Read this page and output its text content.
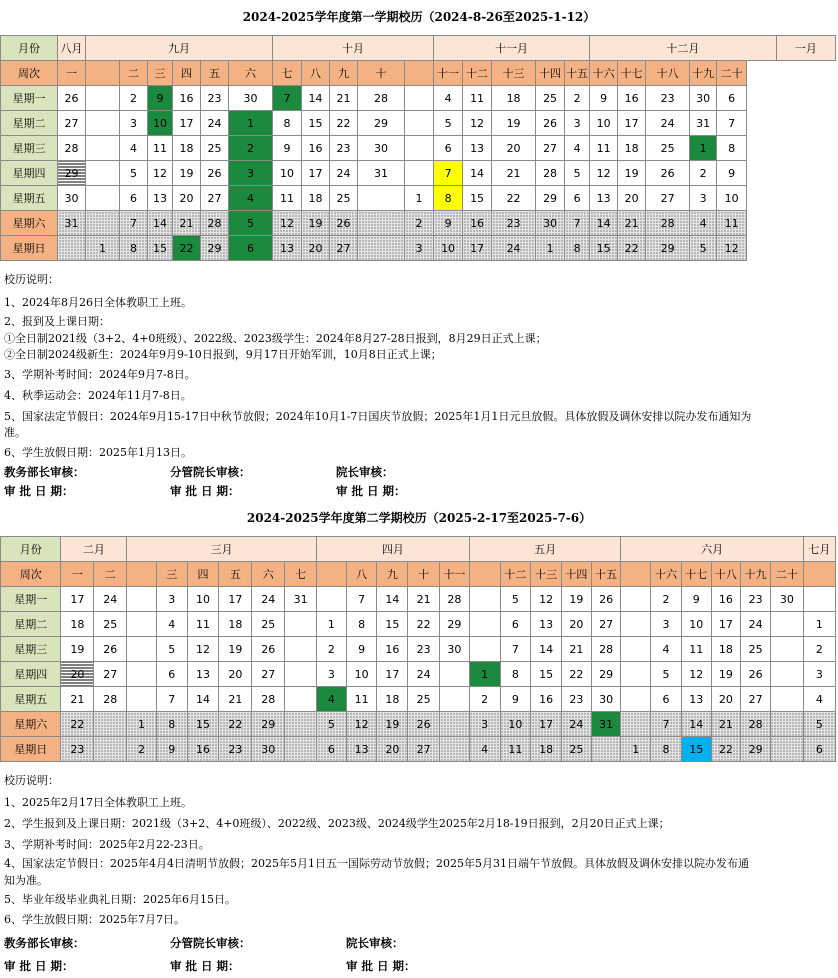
2024-2025学年度第一学期校历（2024-8-26至2025-1-12）
月份	八月	九月						十月					十一月					十二月					一月
周次	一		二	三	四	五	六	七	八	九	十		十一	十二	十三	十四	十五	十六	十七	十八	十九	二十	
星期一	26		2	9	16	23	30	7	14	21	28		4	11	18	25	2	9	16	23	30	6	
星期二	27		3	10	17	24	1	8	15	22	29		5	12	19	26	3	10	17	24	31	7	
星期三	28		4	11	18	25	2	9	16	23	30		6	13	20	27	4	11	18	25	1	8	
星期四	29		5	12	19	26	3	10	17	24	31		7	14	21	28	5	12	19	26	2	9	
星期五	30		6	13	20	27	4	11	18	25		1	8	15	22	29	6	13	20	27	3	10	
星期六	31		7	14	21	28	5	12	19	26		2	9	16	23	30	7	14	21	28	4	11	
星期日		1	8	15	22	29	6	13	20	27		3	10	17	24	1	8	15	22	29	5	12	
校历说明：
1、2024年8月26日全体教职工上班。
2、报到及上课日期：
①全日制2021级（3+2、4+0班级）、2022级、2023级学生：2024年8月27-28日报到，8月29日正式上课；
②全日制2024级新生：2024年9月9-10日报到，9月17日开始军训，10月8日正式上课；
3、学期补考时间：2024年9月7-8日。
4、秋季运动会：2024年11月7-8日。
5、国家法定节假日：2024年9月15-17日中秋节放假；2024年10月1-7日国庆节放假；2025年1月1日元旦放假。具体放假及调休安排以院办发布通知为
准。
6、学生放假日期：2025年1月13日。
教务部长审核：	分管院长审核：	院长审核：
审 批 日 期：	审 批 日 期：	审 批 日 期：
2024-2025学年度第二学期校历（2025-2-17至2025-7-6）
月份	二月		三月						四月					五月					六月						七月
周次	一	二		三	四	五	六	七		八	九	十	十一		十二	十三	十四	十五		十六	十七	十八	十九	二十	
星期一	17	24		3	10	17	24	31		7	14	21	28		5	12	19	26		2	9	16	23	30	
星期二	18	25		4	11	18	25		1	8	15	22	29		6	13	20	27		3	10	17	24		1
星期三	19	26		5	12	19	26		2	9	16	23	30		7	14	21	28		4	11	18	25		2
星期四	20	27		6	13	20	27		3	10	17	24		1	8	15	22	29		5	12	19	26		3
星期五	21	28		7	14	21	28		4	11	18	25		2	9	16	23	30		6	13	20	27		4
星期六	22		1	8	15	22	29		5	12	19	26		3	10	17	24	31		7	14	21	28		5
星期日	23		2	9	16	23	30		6	13	20	27		4	11	18	25		1	8	15	22	29		6
校历说明：
1、2025年2月17日全体教职工上班。
2、学生报到及上课日期：2021级（3+2、4+0班级）、2022级、2023级、2024级学生2025年2月18-19日报到，2月20日正式上课；
3、学期补考时间：2025年2月22-23日。
4、国家法定节假日：2025年4月4日清明节放假；2025年5月1日五一国际劳动节放假；2025年5月31日端午节放假。具体放假及调休安排以院办发布通
知为准。
5、毕业年级毕业典礼日期：2025年6月15日。
6、学生放假日期：2025年7月7日。
教务部长审核：	分管院长审核：	院长审核：
审 批 日 期：	审 批 日 期：	审 批 日 期：
